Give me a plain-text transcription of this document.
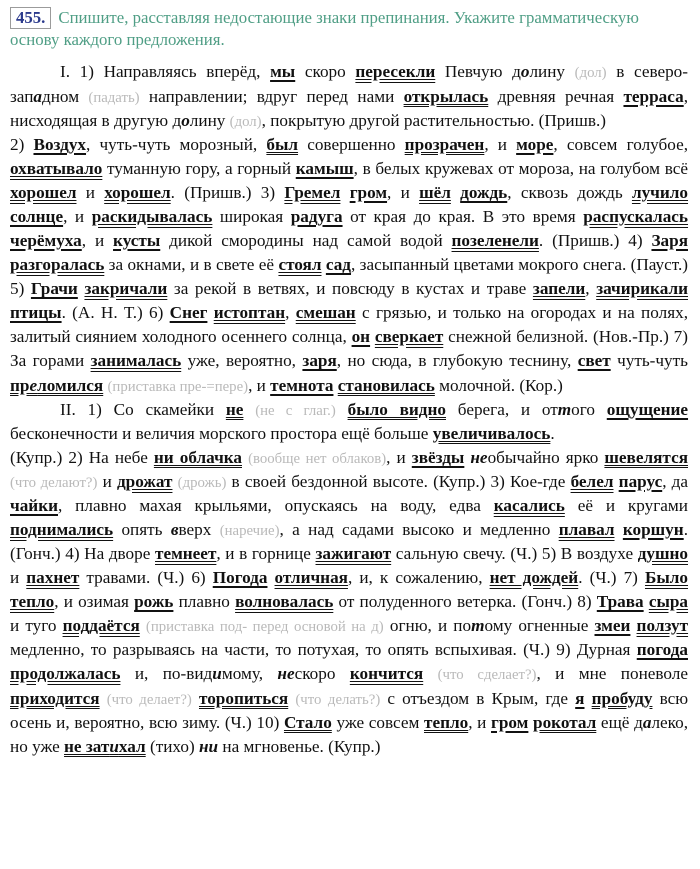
455. Спишите, расставляя недостающие знаки препинания. Укажите грамматическую основу каждого предложения.

I. 1) Направляясь вперёд, мы скоро пересекли Певчую долину (дол) в северо-западном (падать) направлении; вдруг перед нами открылась древняя речная терраса, нисходящая в другую долину (дол), покрытую другой растительностью. (Пришв.)

2) Воздух, чуть-чуть морозный, был совершенно прозрачен, и море, совсем голубое, охватывало туманную гору, а горный камыш, в белых кружевах от мороза, на голубом всё хорошел и хорошел. (Пришв.) 3) Гремел гром, и шёл дождь, сквозь дождь лучило солнце, и раскидывалась широкая радуга от края до края. В это время распускалась черёмуха, и кусты дикой смородины над самой водой позеленели. (Пришв.) 4) Заря разгоралась за окнами, и в свете её стоял сад, засыпанный цветами мокрого снега. (Пауст.) 5) Грачи закричали за рекой в ветвях, и повсюду в кустах и траве запели, зачирикали птицы. (А. Н. Т.) 6) Снег истоптан, смешан с грязью, и только на огородах и на полях, залитый сиянием холодного осеннего солнца, он сверкает снежной белизной. (Нов.-Пр.) 7) За горами занималась уже, вероятно, заря, но сюда, в глубокую теснину, свет чуть-чуть преломился (приставка пре-=пере), и темнота становилась молочной. (Кор.)

II. 1) Со скамейки не (не с глаг.) было видно берега, и оттого ощущение бесконечности и величия морского простора ещё больше увеличивалось.

(Купр.) 2) На небе ни облачка (вообще нет облаков), и звёзды необычайно ярко шевелятся (что делают?) и дрожат (дрожь) в своей бездонной высоте. (Купр.) 3) Кое-где белел парус, да чайки, плавно махая крыльями, опускаясь на воду, едва касались её и кругами поднимались опять вверх (наречие), а над садами высоко и медленно плавал коршун. (Гонч.) 4) На дворе темнеет, и в горнице зажигают сальную свечу. (Ч.) 5) В воздухе душно и пахнет травами. (Ч.) 6) Погода отличная, и, к сожалению, нет дождей. (Ч.) 7) Было тепло, и озимая рожь плавно волновалась от полуденного ветерка. (Гонч.) 8) Трава сыра и туго поддаётся (приставка под- перед основой на д) огню, и потому огненные змеи ползут медленно, то разрываясь на части, то потухая, то опять вспыхивая. (Ч.) 9) Дурная погода продолжалась и, по-видимому, нескоро кончится (что сделает?), и мне поневоле приходится (что делает?) торопиться (что делать?) с отъездом в Крым, где я пробуду всю осень и, вероятно, всю зиму. (Ч.) 10) Стало уже совсем тепло, и гром рокотал ещё далеко, но уже не затихал (тихо) ни на мгновенье. (Купр.)
